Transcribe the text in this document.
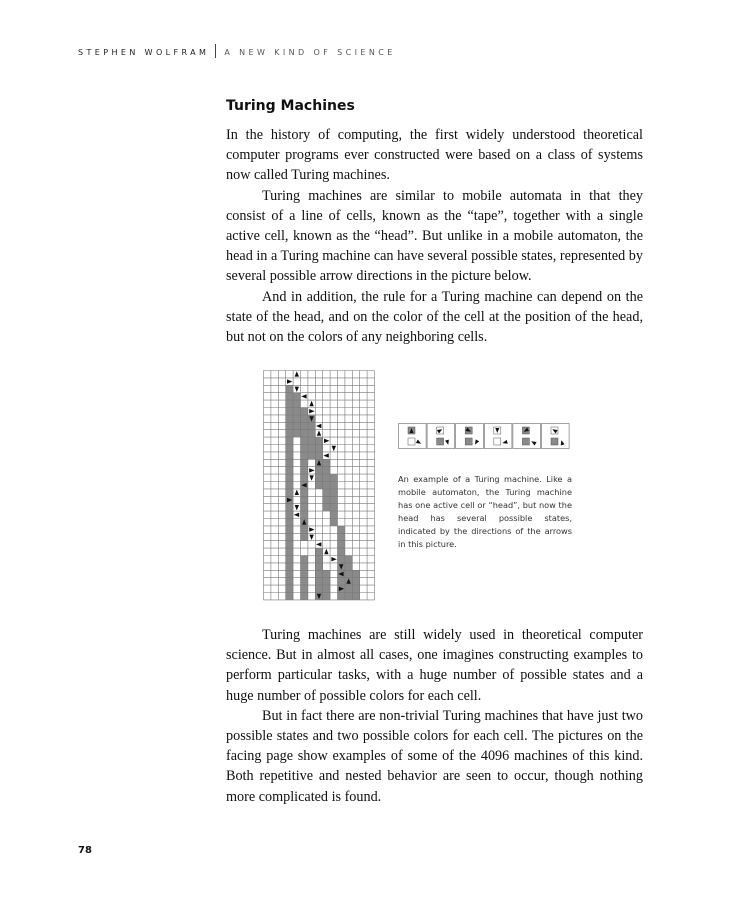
STEPHEN WOLFRAM A NEW KIND OF SCIENCE
Turing Machines

In the history of computing, the first widely understood theoretical computer programs ever constructed were based on a class of systems now called Turing machines.

Turing machines are similar to mobile automata in that they consist of a line of cells, known as the “tape”, together with a single active cell, known as the “head”. But unlike in a mobile automaton, the head in a Turing machine can have several possible states, represented by several possible arrow directions in the picture below.

And in addition, the rule for a Turing machine can depend on the state of the head, and on the color of the cell at the position of the head, but not on the colors of any neighboring cells.

An example of a Turing machine. Like a mobile automaton, the Turing machine has one active cell or “head”, but now the head has several possible states, indicated by the directions of the arrows in this picture.

Turing machines are still widely used in theoretical computer science. But in almost all cases, one imagines constructing examples to perform particular tasks, with a huge number of possible states and a huge number of possible colors for each cell.

But in fact there are non-trivial Turing machines that have just two possible states and two possible colors for each cell. The pictures on the facing page show examples of some of the 4096 machines of this kind. Both repetitive and nested behavior are seen to occur, though nothing more complicated is found.

78
